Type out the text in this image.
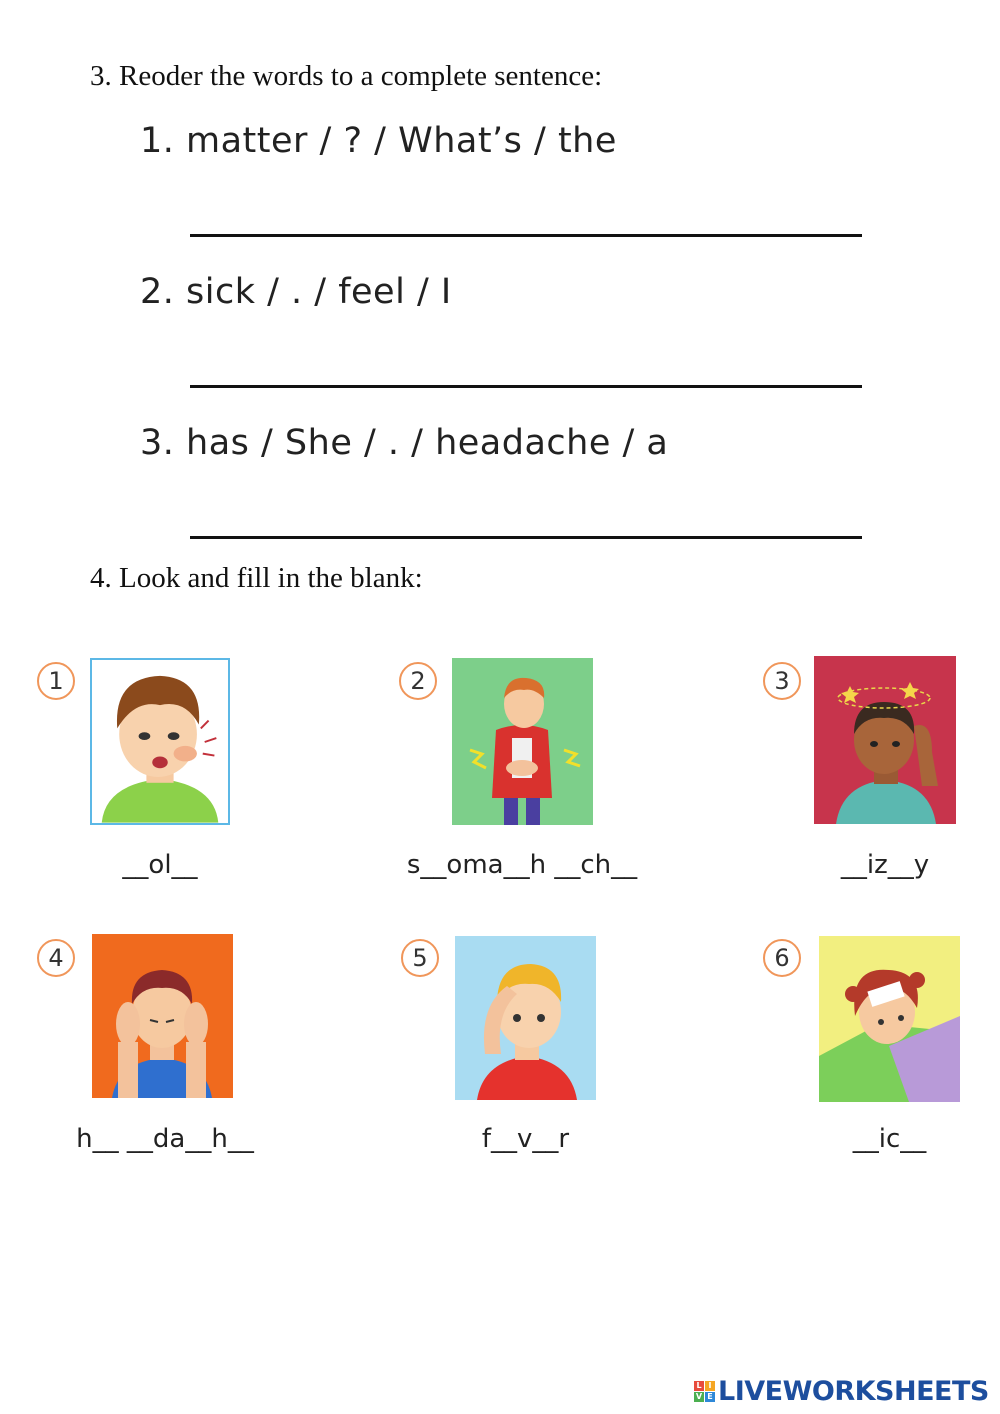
3. Reoder the words to a complete sentence:
1. matter / ? / What’s / the
2. sick / . / feel / I
3. has / She / . / headache / a
4. Look and fill in the blank:
1
__ol__
2
s__oma__h __ch__
3
__iz__y
4
h__ __da__h__
5
f__v__r
6
__ic__
L I
V E LIVEWORKSHEETS
